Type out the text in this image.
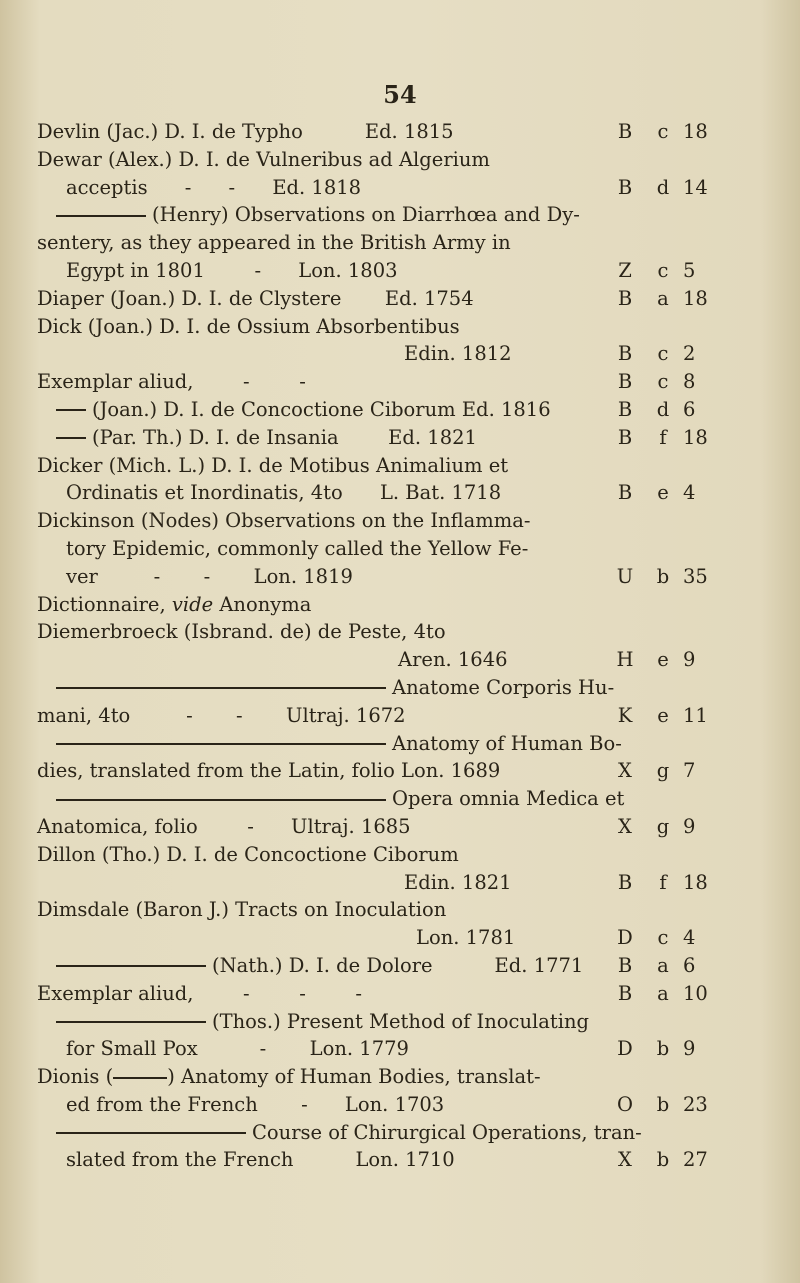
54
Devlin (Jac.) D. I. de Typho          Ed. 1815	B c 18
Dewar (Alex.) D. I. de Vulneribus ad Algerium
acceptis      -      -      Ed. 1818	B d 14
(Henry) Observations on Diarrhœa and Dy-
sentery, as they appeared in the British Army in
Egypt in 1801        -      Lon. 1803	Z c 5
Diaper (Joan.) D. I. de Clystere       Ed. 1754	B a 18
Dick (Joan.) D. I. de Ossium Absorbentibus
Edin. 1812	B c 2
Exemplar aliud,        -        -	B c 8
(Joan.) D. I. de Concoctione Ciborum Ed. 1816	B d 6
(Par. Th.) D. I. de Insania        Ed. 1821	B	f 18
Dicker (Mich. L.) D. I. de Motibus Animalium et
Ordinatis et Inordinatis, 4to      L. Bat. 1718	B e 4
Dickinson (Nodes) Observations on the Inflamma-
tory Epidemic, commonly called the Yellow Fe-
ver         -       -       Lon. 1819	U b 35
Dictionnaire, vide Anonyma
Diemerbroeck (Isbrand. de) de Peste, 4to
Aren. 1646	H e 9
Anatome Corporis Hu-
mani, 4to         -       -       Ultraj. 1672	K e 11
Anatomy of Human Bo-
dies, translated from the Latin, folio Lon. 1689	X g 7
Opera omnia Medica et
Anatomica, folio        -      Ultraj. 1685	X g 9
Dillon (Tho.) D. I. de Concoctione Ciborum
Edin. 1821	B	f 18
Dimsdale (Baron J.) Tracts on Inoculation
Lon. 1781	D c 4
(Nath.) D. I. de Dolore          Ed. 1771 B a 6
Exemplar aliud,        -        -        -	B a 10
(Thos.) Present Method of Inoculating
for Small Pox          -       Lon. 1779	D b 9
Dionis (	) Anatomy of Human Bodies, translat-
ed from the French       -      Lon. 1703	O b 23
Course of Chirurgical Operations, tran-
slated from the French          Lon. 1710	X b 27
